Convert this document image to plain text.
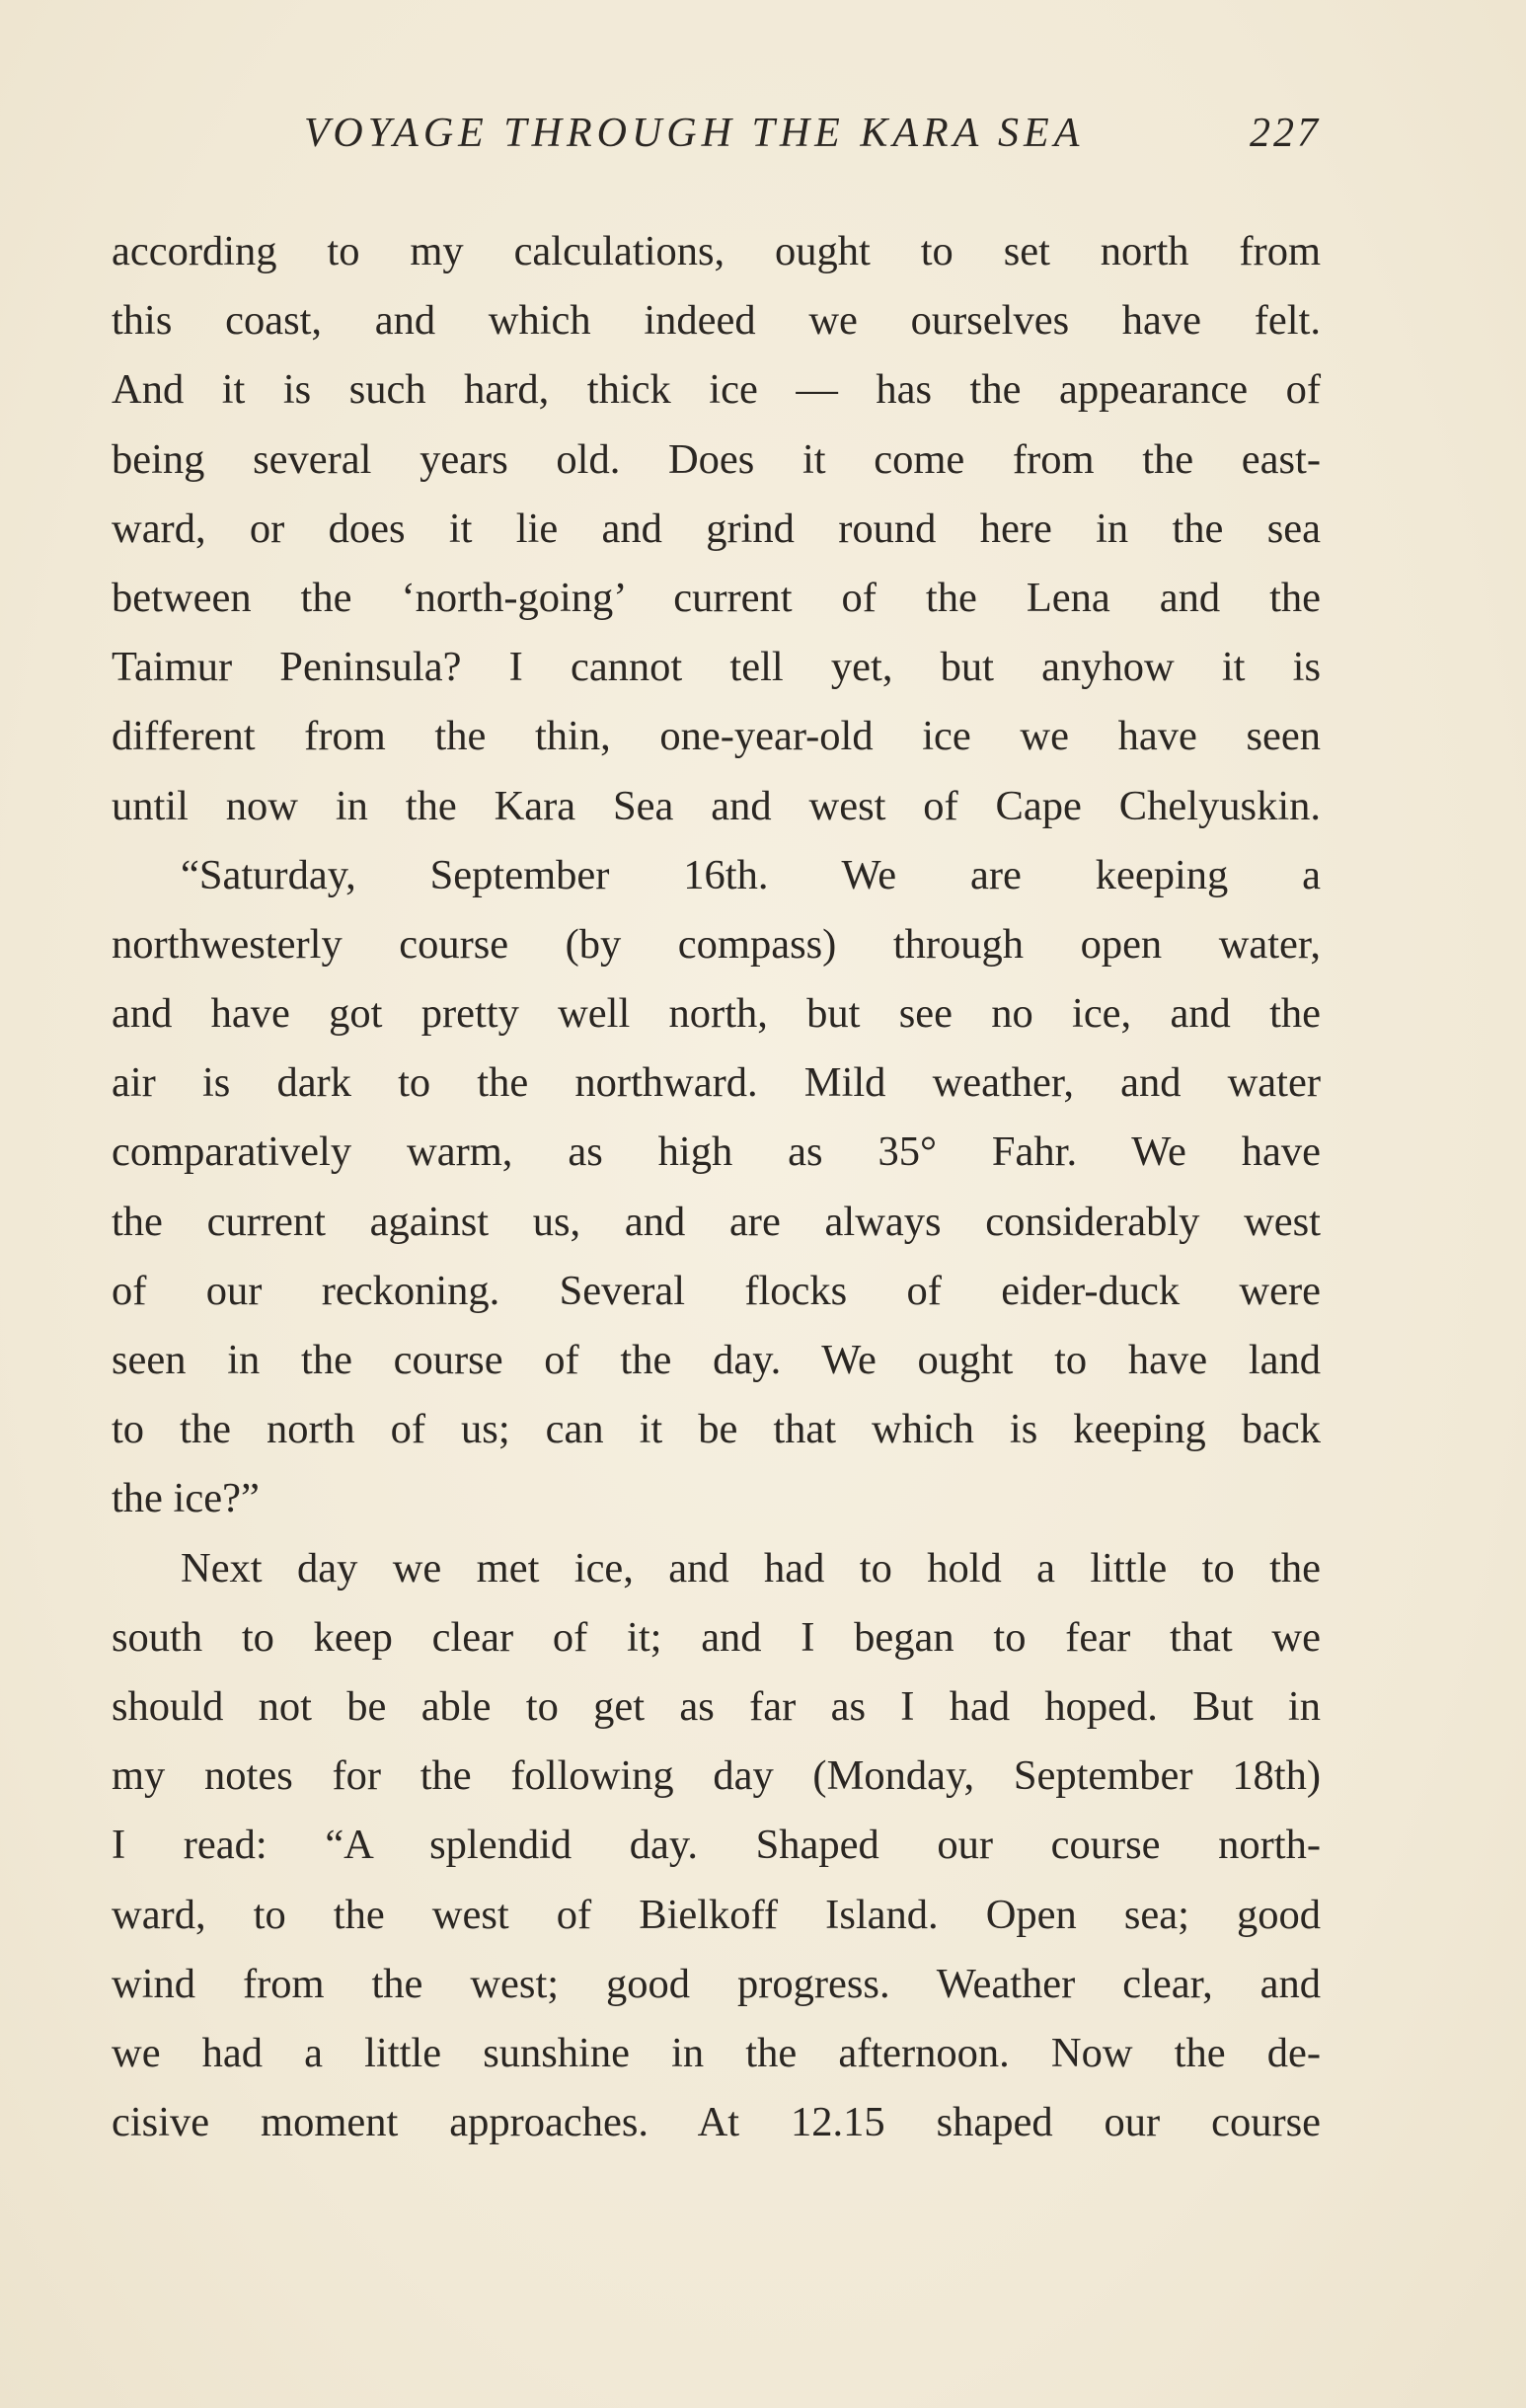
VOYAGE THROUGH THE KARA SEA	227
according to my calculations, ought to set north from
this coast, and which indeed we ourselves have felt.
And it is such hard, thick ice — has the appearance of
being several years old. Does it come from the east-
ward, or does it lie and grind round here in the sea
between the ‘north-going’ current of the Lena and the
Taimur Peninsula? I cannot tell yet, but anyhow it is
different from the thin, one-year-old ice we have seen
until now in the Kara Sea and west of Cape Chelyuskin.
“Saturday, September 16th. We are keeping a
northwesterly course (by compass) through open water,
and have got pretty well north, but see no ice, and the
air is dark to the northward. Mild weather, and water
comparatively warm, as high as 35° Fahr. We have
the current against us, and are always considerably west
of our reckoning. Several flocks of eider-duck were
seen in the course of the day. We ought to have land
to the north of us; can it be that which is keeping back
the ice?”
Next day we met ice, and had to hold a little to the
south to keep clear of it; and I began to fear that we
should not be able to get as far as I had hoped. But in
my notes for the following day (Monday, September 18th)
I read: “A splendid day. Shaped our course north-
ward, to the west of Bielkoff Island. Open sea; good
wind from the west; good progress. Weather clear, and
we had a little sunshine in the afternoon. Now the de-
cisive moment approaches. At 12.15 shaped our course
